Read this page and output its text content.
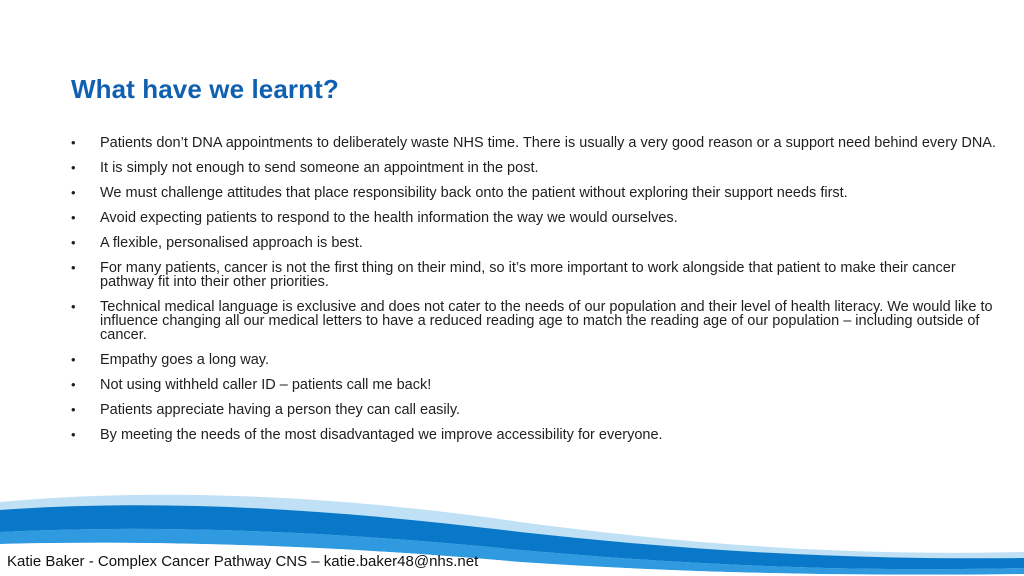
What have we learnt?
• Patients don’t DNA appointments to deliberately waste NHS time. There is usually a very good reason or a support need behind every DNA.
• It is simply not enough to send someone an appointment in the post.
• We must challenge attitudes that place responsibility back onto the patient without exploring their support needs first.
• Avoid expecting patients to respond to the health information the way we would ourselves.
• A flexible, personalised approach is best.
• For many patients, cancer is not the first thing on their mind, so it’s more important to work alongside that patient to make their cancer pathway fit into their other priorities.
• Technical medical language is exclusive and does not cater to the needs of our population and their level of health literacy. We would like to influence changing all our medical letters to have a reduced reading age to match the reading age of our population – including outside of cancer.
• Empathy goes a long way.
• Not using withheld caller ID – patients call me back!
• Patients appreciate having a person they can call easily.
• By meeting the needs of the most disadvantaged we improve accessibility for everyone.
Katie Baker - Complex Cancer Pathway CNS – katie.baker48@nhs.net
